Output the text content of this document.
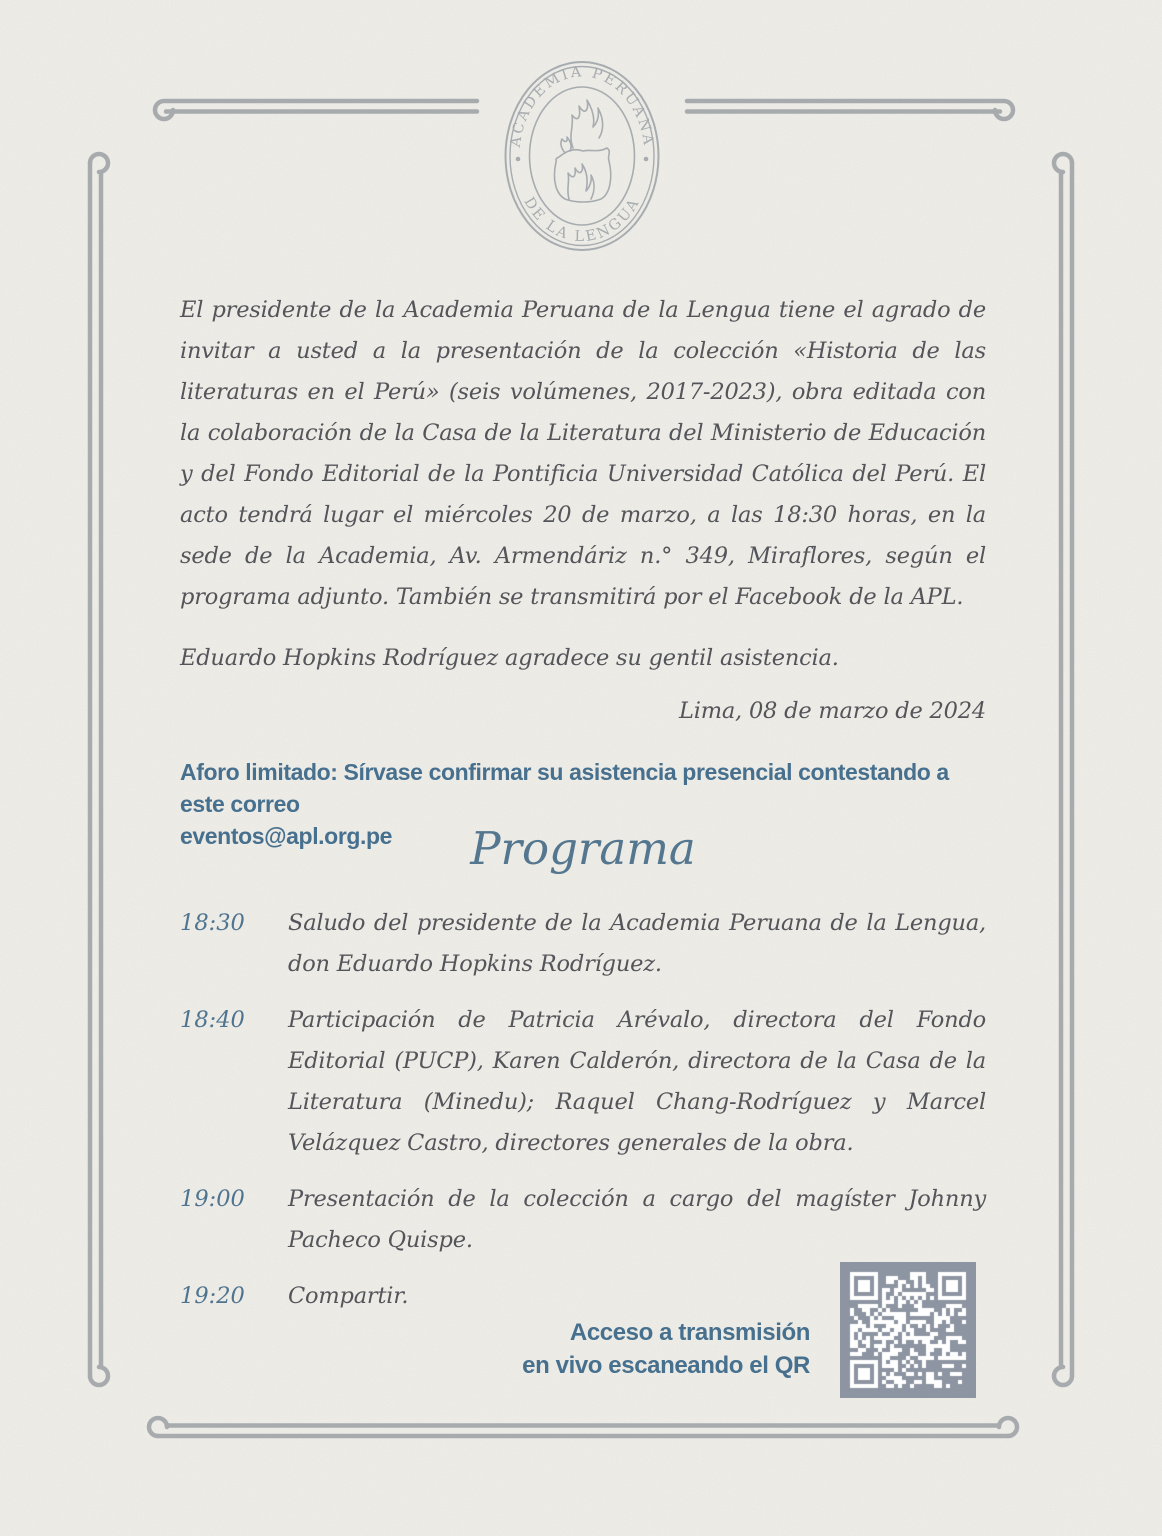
ACADEMIA PERUANA
DE LA LENGUA

El presidente de la Academia Peruana de la Lengua tiene el agrado de invitar a usted a la presentación de la colección «Historia de las literaturas en el Perú» (seis volúmenes, 2017-2023), obra editada con la colaboración de la Casa de la Literatura del Ministerio de Educación y del Fondo Editorial de la Pontificia Universidad Católica del Perú. El acto tendrá lugar el miércoles 20 de marzo, a las 18:30 horas, en la sede de la Academia, Av. Armendáriz n.° 349, Miraflores, según el programa adjunto. También se transmitirá por el Facebook de la APL.

Eduardo Hopkins Rodríguez agradece su gentil asistencia.

Lima, 08 de marzo de 2024

Aforo limitado: Sírvase confirmar su asistencia presencial contestando a este correo
eventos@apl.org.pe	Programa
18:30	Saludo del presidente de la Academia Peruana de la Lengua, don Eduardo Hopkins Rodríguez.
18:40	Participación de Patricia Arévalo, directora del Fondo Editorial (PUCP), Karen Calderón, directora de la Casa de la Literatura (Minedu); Raquel Chang-Rodríguez y Marcel Velázquez Castro, directores generales de la obra.
19:00	Presentación de la colección a cargo del magíster Johnny Pacheco Quispe.
19:20	Compartir.
Acceso a transmisión
en vivo escaneando el QR
